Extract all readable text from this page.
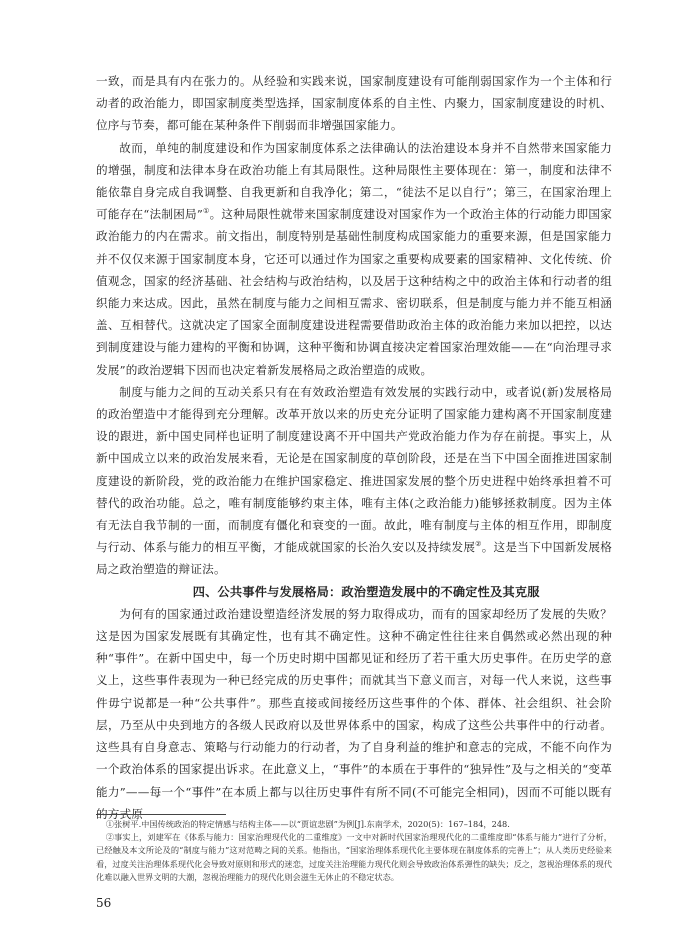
一致，而是具有内在张力的。从经验和实践来说，国家制度建设有可能削弱国家作为一个主体和行动者的政治能力，即国家制度类型选择，国家制度体系的自主性、内聚力，国家制度建设的时机、位序与节奏，都可能在某种条件下削弱而非增强国家能力。

故而，单纯的制度建设和作为国家制度体系之法律确认的法治建设本身并不自然带来国家能力的增强，制度和法律本身在政治功能上有其局限性。这种局限性主要体现在：第一，制度和法律不能依靠自身完成自我调整、自我更新和自我净化；第二，“徒法不足以自行”；第三，在国家治理上可能存在“法制困局”①。这种局限性就带来国家制度建设对国家作为一个政治主体的行动能力即国家政治能力的内在需求。前文指出，制度特别是基础性制度构成国家能力的重要来源，但是国家能力并不仅仅来源于国家制度本身，它还可以通过作为国家之重要构成要素的国家精神、文化传统、价值观念，国家的经济基础、社会结构与政治结构，以及居于这种结构之中的政治主体和行动者的组织能力来达成。因此，虽然在制度与能力之间相互需求、密切联系，但是制度与能力并不能互相涵盖、互相替代。这就决定了国家全面制度建设进程需要借助政治主体的政治能力来加以把控，以达到制度建设与能力建构的平衡和协调，这种平衡和协调直接决定着国家治理效能——在“向治理寻求发展”的政治逻辑下因而也决定着新发展格局之政治塑造的成败。

制度与能力之间的互动关系只有在有效政治塑造有效发展的实践行动中，或者说(新)发展格局的政治塑造中才能得到充分理解。改革开放以来的历史充分证明了国家能力建构离不开国家制度建设的跟进，新中国史同样也证明了制度建设离不开中国共产党政治能力作为存在前提。事实上，从新中国成立以来的政治发展来看，无论是在国家制度的草创阶段，还是在当下中国全面推进国家制度建设的新阶段，党的政治能力在维护国家稳定、推进国家发展的整个历史进程中始终承担着不可替代的政治功能。总之，唯有制度能够约束主体，唯有主体(之政治能力)能够拯救制度。因为主体有无法自我节制的一面，而制度有僵化和衰变的一面。故此，唯有制度与主体的相互作用，即制度与行动、体系与能力的相互平衡，才能成就国家的长治久安以及持续发展②。这是当下中国新发展格局之政治塑造的辩证法。

四、公共事件与发展格局：政治塑造发展中的不确定性及其克服

为何有的国家通过政治建设塑造经济发展的努力取得成功，而有的国家却经历了发展的失败？这是因为国家发展既有其确定性，也有其不确定性。这种不确定性往往来自偶然或必然出现的种种“事件”。在新中国史中，每一个历史时期中国都见证和经历了若干重大历史事件。在历史学的意义上，这些事件表现为一种已经完成的历史事件；而就其当下意义而言，对每一代人来说，这些事件毋宁说都是一种“公共事件”。那些直接或间接经历这些事件的个体、群体、社会组织、社会阶层，乃至从中央到地方的各级人民政府以及世界体系中的国家，构成了这些公共事件中的行动者。这些具有自身意志、策略与行动能力的行动者，为了自身利益的维护和意志的完成，不能不向作为一个政治体系的国家提出诉求。在此意义上，“事件”的本质在于事件的“独异性”及与之相关的“变革能力”——每一个“事件”在本质上都与以往历史事件有所不同(不可能完全相同)，因而不可能以既有的方式原

①张树平.中国传统政治的特定情感与结构主体——以“贾谊悲剧”为例[J].东南学术，2020(5)：167–184，248.

②事实上，刘建军在《体系与能力：国家治理现代化的二重维度》一文中对新时代国家治理现代化的二重维度即“体系与能力”进行了分析，已经触及本文所论及的“制度与能力”这对范畴之间的关系。他指出，“国家治理体系现代化主要体现在制度体系的完善上”；从人类历史经验来看，过度关注治理体系现代化会导致对原则和形式的迷恋，过度关注治理能力现代化则会导致政治体系弹性的缺失；反之，忽视治理体系的现代化难以融入世界文明的大潮，忽视治理能力的现代化则会滋生无休止的不稳定状态。

56
